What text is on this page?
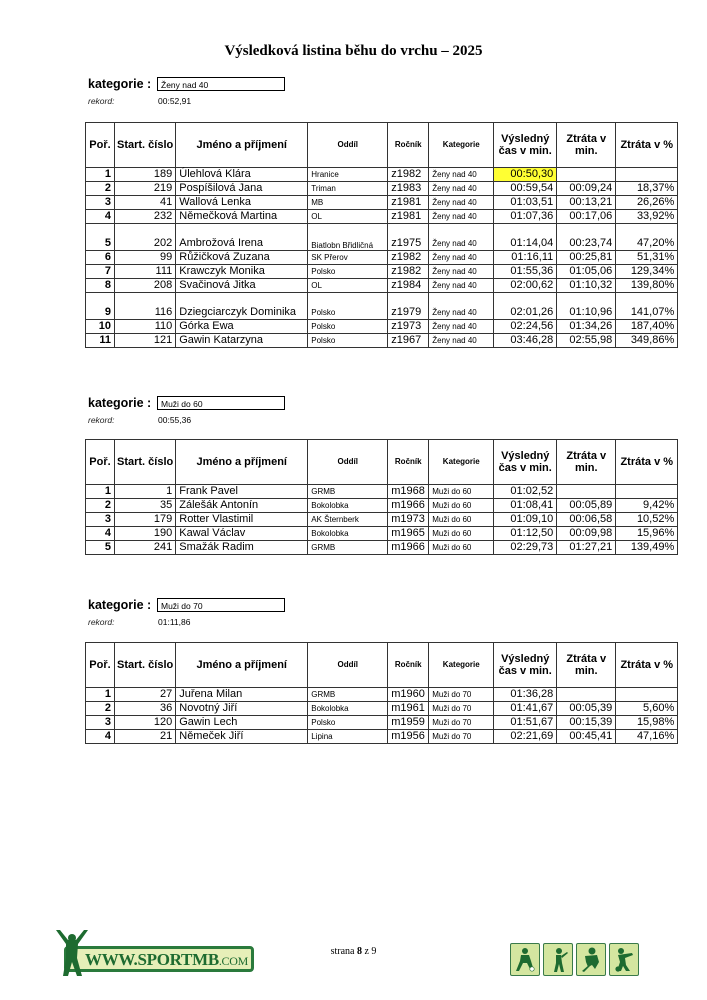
Výsledková listina běhu do vrchu – 2025
kategorie :	Ženy nad 40
rekord:	00:52,91
Poř.	Start. číslo	Jméno a příjmení	Oddíl	Ročník	Kategorie	Výsledný čas v min.	Ztráta v min.	Ztráta v %
1	189	Úlehlová Klára	Hranice	z1982	Ženy nad 40	00:50,30		
2	219	Pospíšilová Jana	Triman	z1983	Ženy nad 40	00:59,54	00:09,24	18,37%
3	41	Wallová Lenka	MB	z1981	Ženy nad 40	01:03,51	00:13,21	26,26%
4	232	Němečková Martina	OL	z1981	Ženy nad 40	01:07,36	00:17,06	33,92%
5	202	Ambrožová Irena	Biatlobn Břidličná	z1975	Ženy nad 40	01:14,04	00:23,74	47,20%
6	99	Růžičková Zuzana	SK Přerov	z1982	Ženy nad 40	01:16,11	00:25,81	51,31%
7	111	Krawczyk Monika	Polsko	z1982	Ženy nad 40	01:55,36	01:05,06	129,34%
8	208	Svačinová Jitka	OL	z1984	Ženy nad 40	02:00,62	01:10,32	139,80%
9	116	Dziegciarczyk Dominika	Polsko	z1979	Ženy nad 40	02:01,26	01:10,96	141,07%
10	110	Górka Ewa	Polsko	z1973	Ženy nad 40	02:24,56	01:34,26	187,40%
11	121	Gawin Katarzyna	Polsko	z1967	Ženy nad 40	03:46,28	02:55,98	349,86%
kategorie :	Muži do 60
rekord:	00:55,36
Poř.	Start. číslo	Jméno a příjmení	Oddíl	Ročník	Kategorie	Výsledný čas v min.	Ztráta v min.	Ztráta v %
1	1	Frank Pavel	GRMB	m1968	Muži do 60	01:02,52		
2	35	Zálešák Antonín	Bokolobka	m1966	Muži do 60	01:08,41	00:05,89	9,42%
3	179	Rotter Vlastimil	AK Šternberk	m1973	Muži do 60	01:09,10	00:06,58	10,52%
4	190	Kawal Václav	Bokolobka	m1965	Muži do 60	01:12,50	00:09,98	15,96%
5	241	Smažák Radim	GRMB	m1966	Muži do 60	02:29,73	01:27,21	139,49%
kategorie :	Muži do 70
rekord:	01:11,86
Poř.	Start. číslo	Jméno a příjmení	Oddíl	Ročník	Kategorie	Výsledný čas v min.	Ztráta v min.	Ztráta v %
1	27	Juřena Milan	GRMB	m1960	Muži do 70	01:36,28		
2	36	Novotný Jiří	Bokolobka	m1961	Muži do 70	01:41,67	00:05,39	5,60%
3	120	Gawin Lech	Polsko	m1959	Muži do 70	01:51,67	00:15,39	15,98%
4	21	Němeček Jiří	Lipina	m1956	Muži do 70	02:21,69	00:45,41	47,16%
WWW.SPORTMB.COM
strana 8 z 9
